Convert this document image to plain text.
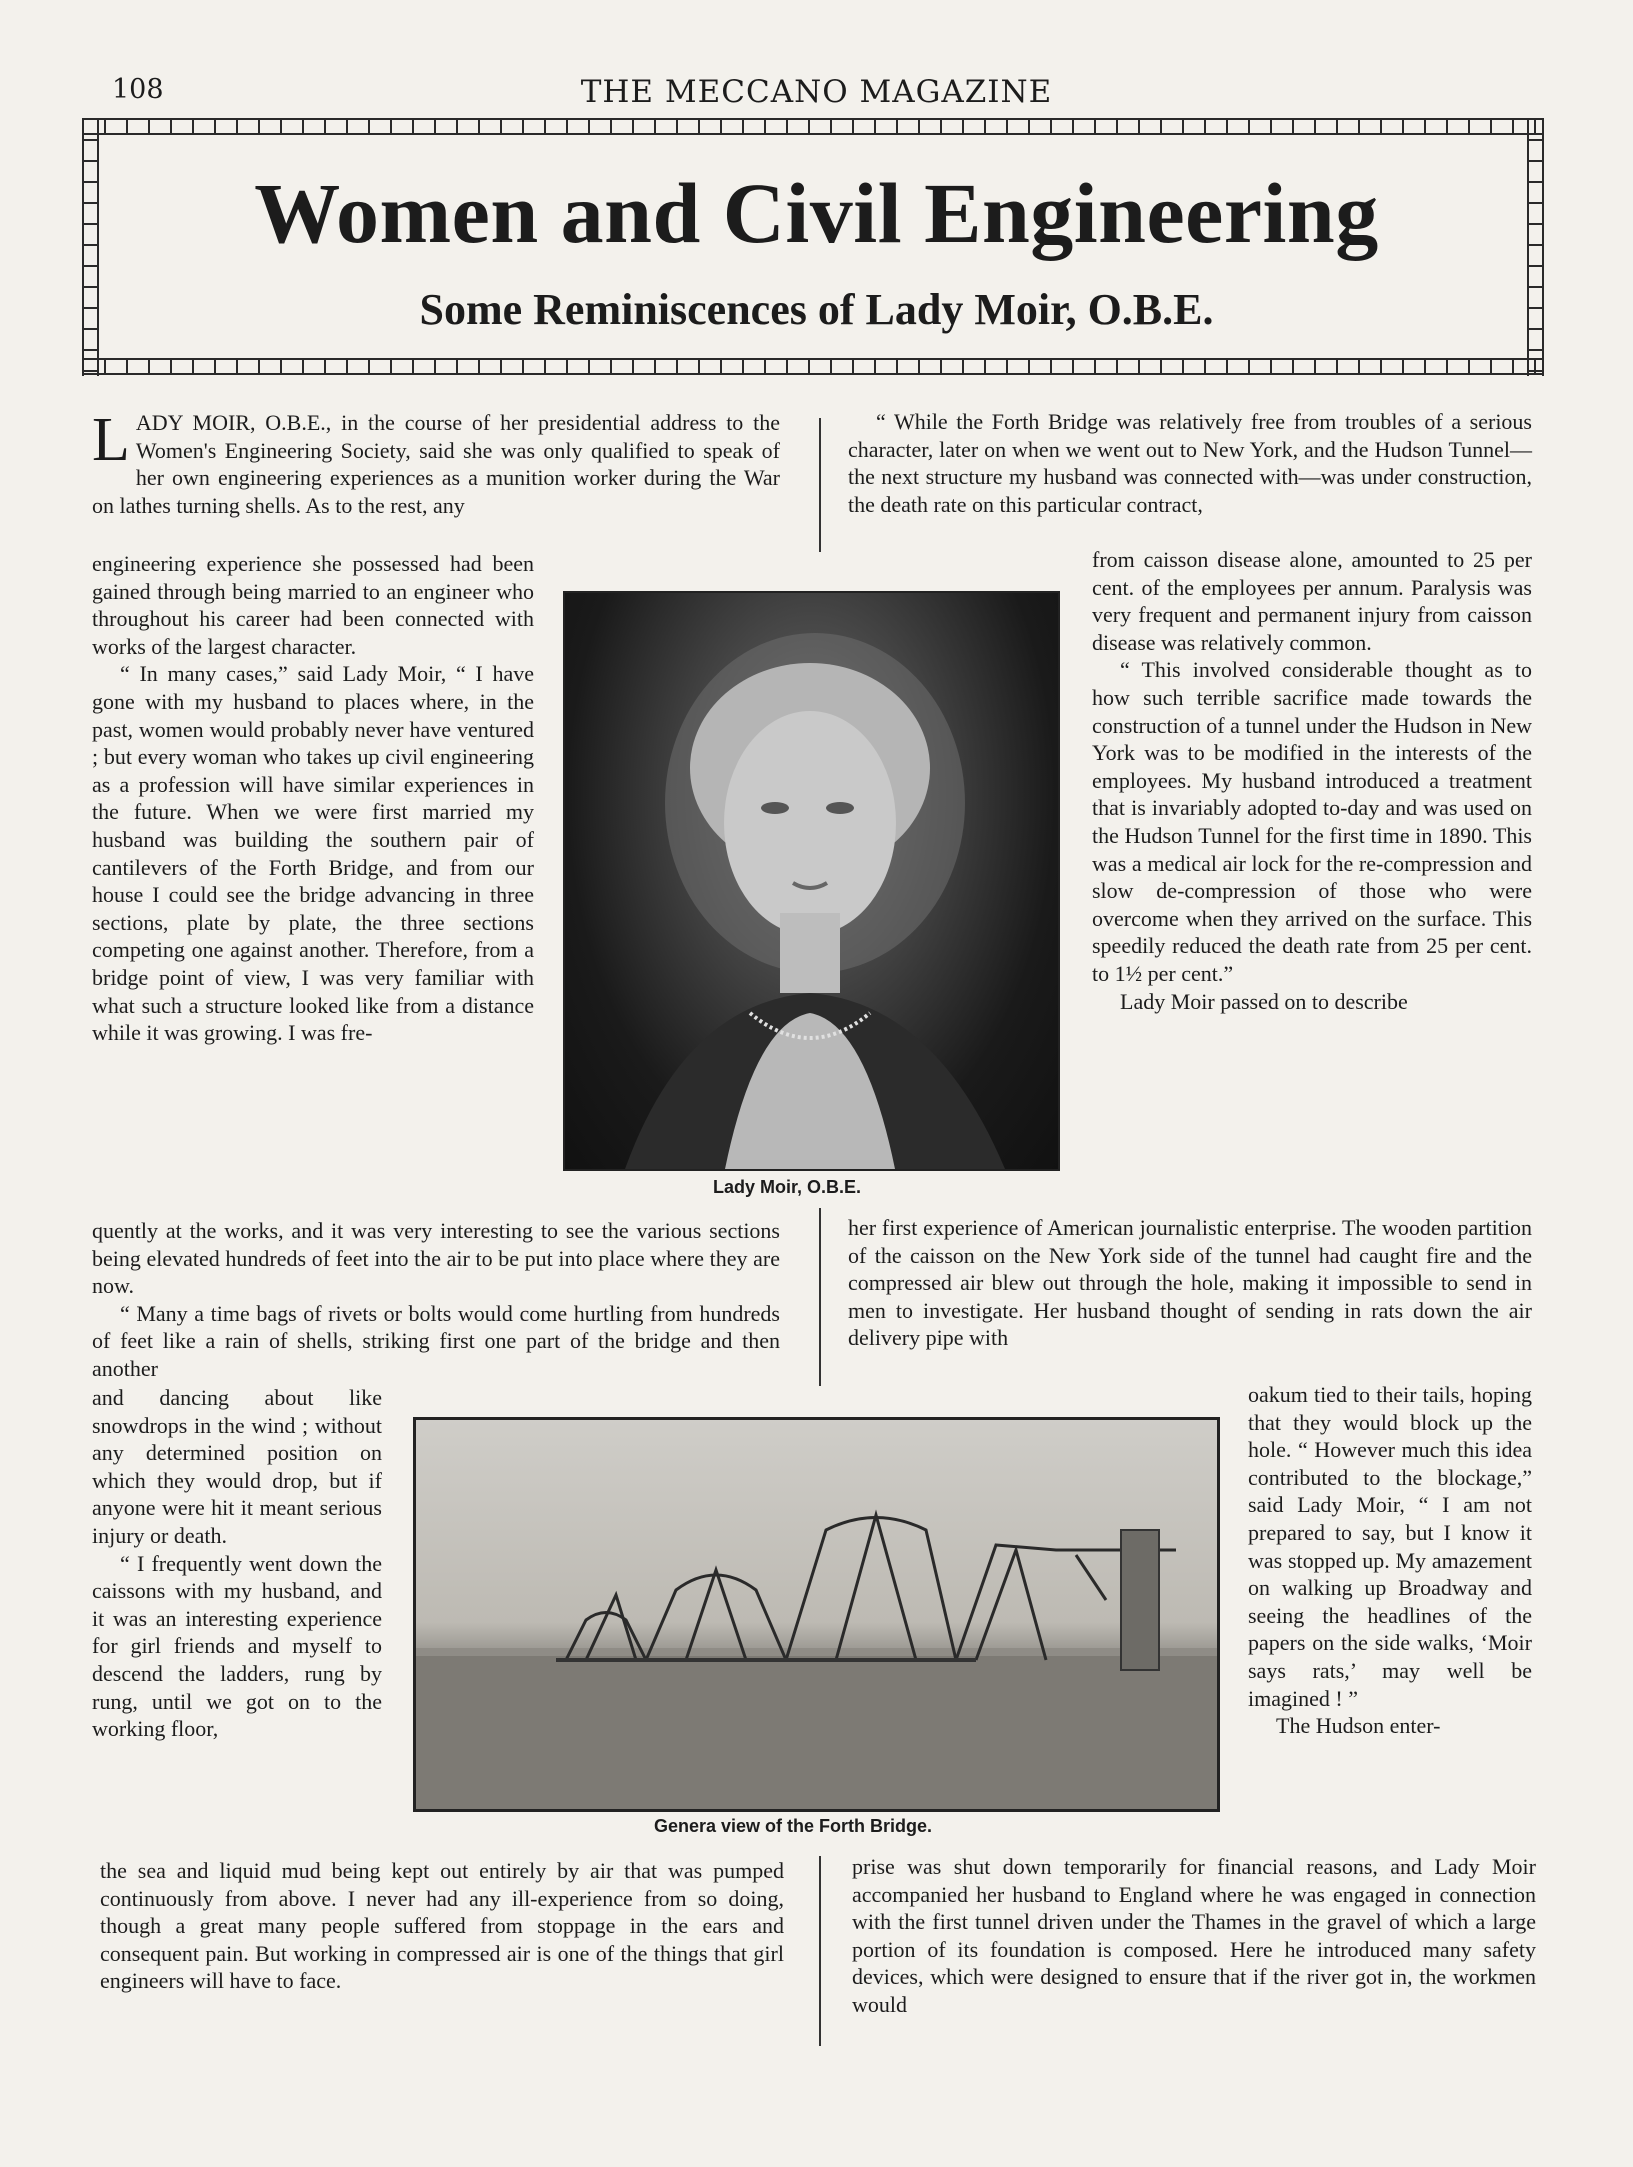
108	THE MECCANO MAGAZINE
Women and Civil Engineering
Some Reminiscences of Lady Moir, O.B.E.

LADY MOIR, O.B.E., in the course of her presidential address to the Women's Engineering Society, said she was only qualified to speak of her own engineering experiences as a munition worker during the War on lathes turning shells. As to the rest, any

engineering experience she possessed had been gained through being married to an engineer who throughout his career had been connected with works of the largest character.

“ In many cases,” said Lady Moir, “ I have gone with my husband to places where, in the past, women would probably never have ventured ; but every woman who takes up civil engineering as a profession will have similar experiences in the future. When we were first married my husband was building the southern pair of cantilevers of the Forth Bridge, and from our house I could see the bridge advancing in three sections, plate by plate, the three sections competing one against another. Therefore, from a bridge point of view, I was very familiar with what such a structure looked like from a distance while it was growing. I was fre-

quently at the works, and it was very interesting to see the various sections being elevated hundreds of feet into the air to be put into place where they are now.

“ Many a time bags of rivets or bolts would come hurtling from hundreds of feet like a rain of shells, striking first one part of the bridge and then another

and dancing about like snowdrops in the wind ; without any determined position on which they would drop, but if anyone were hit it meant serious injury or death.

“ I frequently went down the caissons with my husband, and it was an interesting experience for girl friends and myself to descend the ladders, rung by rung, until we got on to the working floor,

the sea and liquid mud being kept out entirely by air that was pumped continuously from above. I never had any ill-experience from so doing, though a great many people suffered from stoppage in the ears and consequent pain. But working in compressed air is one of the things that girl engineers will have to face.

“ While the Forth Bridge was relatively free from troubles of a serious character, later on when we went out to New York, and the Hudson Tunnel—the next structure my husband was connected with—was under construction, the death rate on this particular contract,

from caisson disease alone, amounted to 25 per cent. of the employees per annum. Paralysis was very frequent and permanent injury from caisson disease was relatively common.

“ This involved considerable thought as to how such terrible sacrifice made towards the construction of a tunnel under the Hudson in New York was to be modified in the interests of the employees. My husband introduced a treatment that is invariably adopted to-day and was used on the Hudson Tunnel for the first time in 1890. This was a medical air lock for the re-compression and slow de-compression of those who were overcome when they arrived on the surface. This speedily reduced the death rate from 25 per cent. to 1½ per cent.”

Lady Moir passed on to describe

her first experience of American journalistic enterprise. The wooden partition of the caisson on the New York side of the tunnel had caught fire and the compressed air blew out through the hole, making it impossible to send in men to investigate. Her husband thought of sending in rats down the air delivery pipe with

oakum tied to their tails, hoping that they would block up the hole. “ However much this idea contributed to the blockage,” said Lady Moir, “ I am not prepared to say, but I know it was stopped up. My amazement on walking up Broadway and seeing the headlines of the papers on the side walks, ‘Moir says rats,’ may well be imagined ! ”

The Hudson enter-

prise was shut down temporarily for financial reasons, and Lady Moir accompanied her husband to England where he was engaged in connection with the first tunnel driven under the Thames in the gravel of which a large portion of its foundation is composed. Here he introduced many safety devices, which were designed to ensure that if the river got in, the workmen would

Lady Moir, O.B.E.
Genera view of the Forth Bridge.
